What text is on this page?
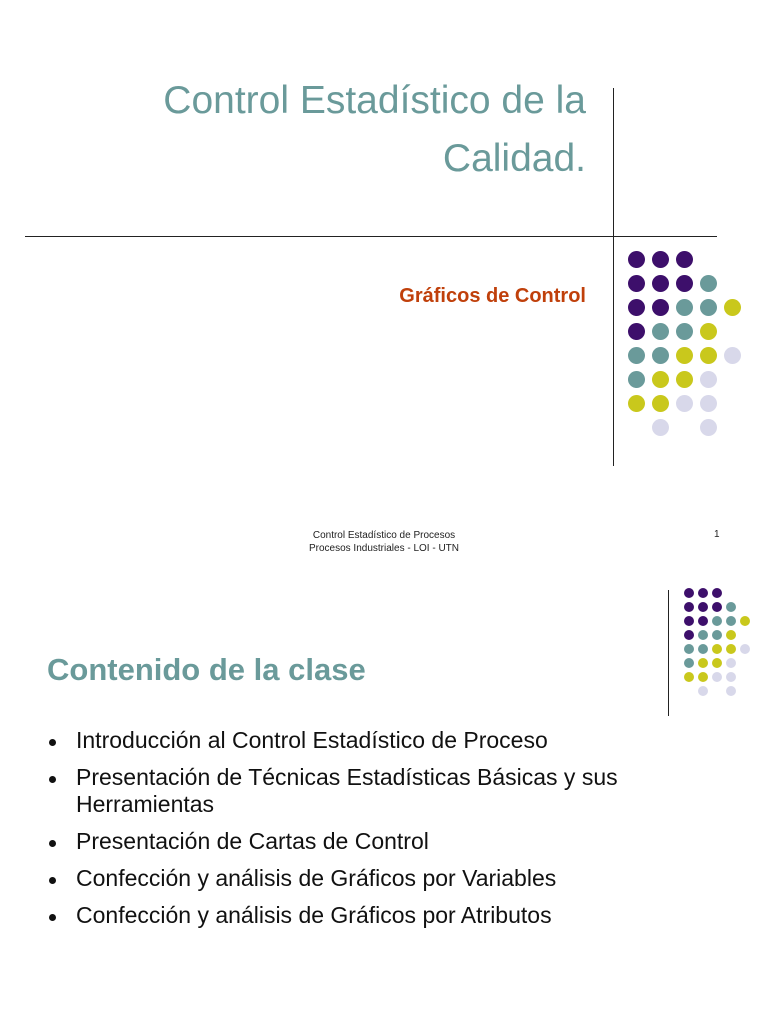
Control Estadístico de la
Calidad.
Gráficos de Control
Control Estadístico de Procesos
Procesos Industriales - LOI - UTN
1
Contenido de la clase
Introducción al Control Estadístico de Proceso
Presentación de Técnicas Estadísticas Básicas y sus Herramientas
Presentación de Cartas de Control
Confección y análisis de Gráficos por Variables
Confección y análisis de Gráficos por Atributos
